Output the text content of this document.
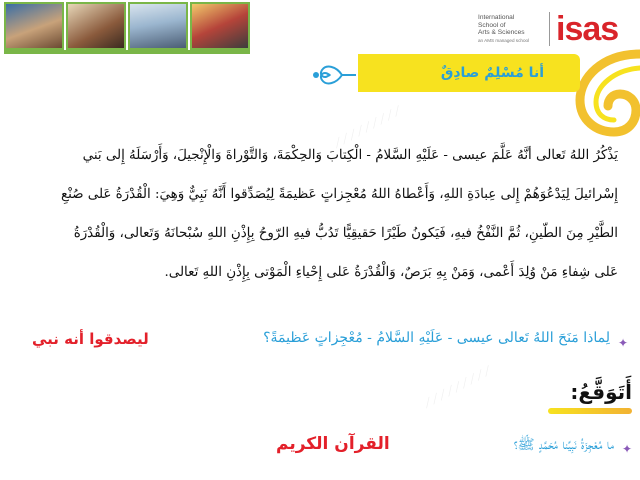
International
School of
Arts & Sciences
an AMS managed school isas
أنا مُسْلِمٌ صادِقٌ
يَذْكُرُ اللهُ تَعالى أنَّهُ عَلَّمَ عيسى - عَلَيْهِ السَّلامُ - الْكِتابَ وَالحِكْمَةَ، وَالتَّوْراةَ وَالْإِنْجيلَ، وَأَرْسَلَهُ إِلى بَني
إِسْرائيلَ لِيَدْعُوَهُمْ إِلى عِبادَةِ اللهِ، وَأَعْطاهُ اللهُ مُعْجِزاتٍ عَظيمَةً لِيُصَدِّقوا أَنَّهُ نَبِيٌّ وَهِيَ: الْقُدْرَةُ عَلى صُنْعِ
الطَّيْرِ مِنَ الطّينِ، ثُمَّ النَّفْخُ فيهِ، فَيَكونُ طَيْرًا حَقيقِيًّا تَدُبُّ فيهِ الرّوحُ بِإِذْنِ اللهِ سُبْحانَهُ وَتَعالى، وَالْقُدْرَةُ
عَلى شِفاءِ مَنْ وُلِدَ أَعْمى، وَمَنْ بِهِ بَرَصٌ، وَالْقُدْرَةُ عَلى إِحْياءِ الْمَوْتى بِإِذْنِ اللهِ تَعالى.
✦
لِماذا مَنَحَ اللهُ تَعالى عيسى - عَلَيْهِ السَّلامُ - مُعْجِزاتٍ عَظيمَةً؟
ليصدقوا أنه نبي
أَتَوَقَّعُ:
✦
ما مُعْجِزَةُ نَبِيِّنا مُحَمَّدٍ ﷺ؟
القرآن الكريم
⟋⟋⟋⟋⟋⟋⟋⟋⟋
⟋⟋⟋⟋⟋⟋⟋⟋⟋
